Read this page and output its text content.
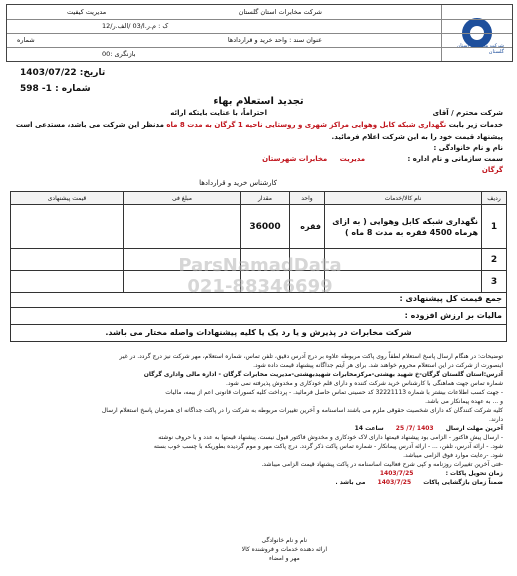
شرکت مخابرات استان گلستان
شرکت مخابرات استان گلستان
مدیریت کیفیت
ک : م.ر.ا/03 /الف.ر/12
عنوان سند : واحد خرید و قراردادها
شماره
بازنگری :00
تاریخ: 1403/07/22
شماره : 1- 598
تجدید استعلام بهاء
شرکت محترم / آقای
احتراماً، با عنایت بایتکه ارائه
خدمات زیر بابت نگهداری شبکه کابل وهوایی مراکز شهری و روستایی ناحیه 1 گرگان به مدت 8 ماه مدنظر این شرکت می باشد، مستدعی است
پیشنهاد قیمت خود را به این شرکت اعلام فرمائید.
نام و نام خانوادگی :
سمت سازمانی و نام اداره : مدیریت مخابرات شهرستان
گرگان
کارشناس خرید و قراردادها
ردیف	نام کالا/خدمات	واحد	مقدار	مبلغ فی	قیمت پیشنهادی
1	نگهداری شبکه کابل وهوایی ( به ازای هرماه 4500 فقره به مدت 8 ماه )	فقره	36000		
2					
3					
جمع قیمت کل پیشنهادی :
مالیات بر ارزش افزوده :
شرکت مخابرات در پذیرش و یا رد یک یا کلیه پیشنهادات واصله مختار می باشد.
ParsNamadData
021-88346699
توضیحات: در هنگام ارسال پاسخ استعلام لطفاً روی پاکت مربوطه علاوه بر درج آدرس دقیق، تلفن تماس، شماره استعلام، مهر شرکت نیز درج گردد. در غیر
اینصورت از شرکت در این استعلام محروم خواهند شد. برای هر آیتم جداگانه پیشنهاد قیمت داده شود.
آدرس:استان گلستان گرگان-خ شهید بهشتی-مرکزمخابرات شهیدبهشتی-مدیریت مخابرات گرگان - اداره مالی واداری گرگان
شماره تماس جهت هماهنگی با کارشناس خرید شرکت کننده و دارای قلم خودکاری و مخدوش پذیرفته نمی شود.
- جهت کسب اطلاعات بیشتر با شماره 32221113 کد حسینی تماس حاصل فرمائید. - پرداخت کلیه کسورات قانونی اعم از بیمه، مالیات
و ... به عهده پیمانکار می باشد.
کلیه شرکت کنندگان که دارای شخصیت حقوقی ملزم می باشند اساسنامه و آخرین تغییرات مربوطه به شرکت را در پاکت جداگانه ای همزمان پاسخ استعلام ارسال
دارند.
آخرین مهلت ارسال 1403 /7/ 25 ساعت 14
- ارسال پیش فاکتور - الزامی بود پیشنهاد قیمتها دارای لاک خودکاری و مخدوش فاکتور قبول نیست. پیشنهاد قیمتها به عدد و با حروف نوشته
شود. - ارائه آدرس، تلفن، ... - ارائه آدرس پیمانکار - شماره تماس پاکت ذکر گردد. درج پاکت مهر و موم گردیده بطوریکه با چسب خوب بسته
شود. -رعایت موارد فوق الزامی میباشد.
-فتی آخرین تغییرات روزنامه و کپی شرح فعالیت اساسنامه در پاکت پیشنهاد قیمت الزامی میباشد.
زمان تحویل پاکات : 1403/7/25
ضمناً زمان بازگشایی پاکات 1403/7/25 می باشد .
نام و نام خانوادگی
ارائه دهنده خدمات و فروشنده کالا
مهر و امضاء
